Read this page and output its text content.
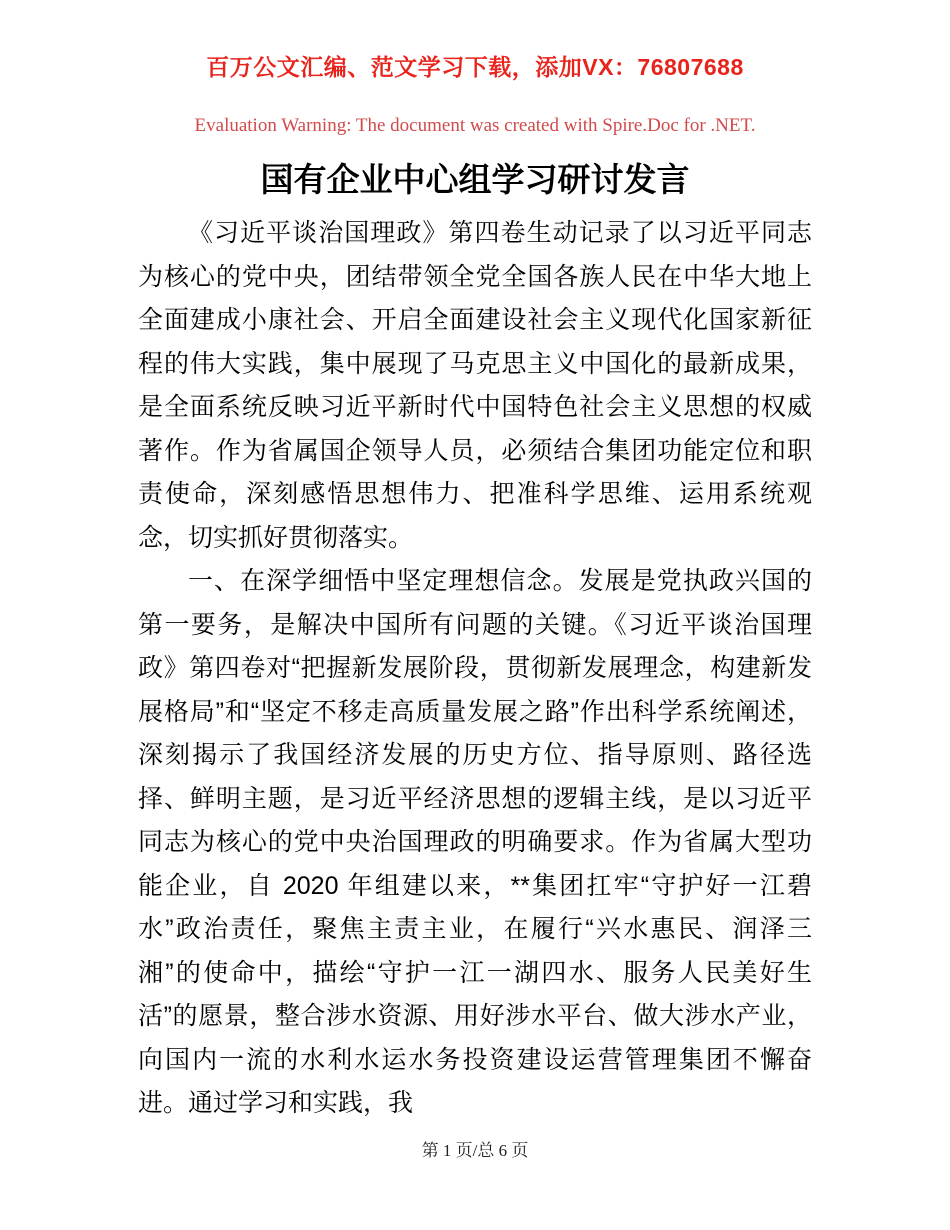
百万公文汇编、范文学习下载，添加VX：76807688
Evaluation Warning: The document was created with Spire.Doc for .NET.
国有企业中心组学习研讨发言

《习近平谈治国理政》第四卷生动记录了以习近平同志为核心的党中央，团结带领全党全国各族人民在中华大地上全面建成小康社会、开启全面建设社会主义现代化国家新征程的伟大实践，集中展现了马克思主义中国化的最新成果，是全面系统反映习近平新时代中国特色社会主义思想的权威著作。作为省属国企领导人员，必须结合集团功能定位和职责使命，深刻感悟思想伟力、把准科学思维、运用系统观念，切实抓好贯彻落实。

一、在深学细悟中坚定理想信念。发展是党执政兴国的第一要务，是解决中国所有问题的关键。《习近平谈治国理政》第四卷对“把握新发展阶段，贯彻新发展理念，构建新发展格局”和“坚定不移走高质量发展之路”作出科学系统阐述，深刻揭示了我国经济发展的历史方位、指导原则、路径选择、鲜明主题，是习近平经济思想的逻辑主线，是以习近平同志为核心的党中央治国理政的明确要求。作为省属大型功能企业，自 2020 年组建以来，**集团扛牢“守护好一江碧水”政治责任，聚焦主责主业，在履行“兴水惠民、润泽三湘”的使命中，描绘“守护一江一湖四水、服务人民美好生活”的愿景，整合涉水资源、用好涉水平台、做大涉水产业，向国内一流的水利水运水务投资建设运营管理集团不懈奋进。通过学习和实践，我

第 1 页/总 6 页
